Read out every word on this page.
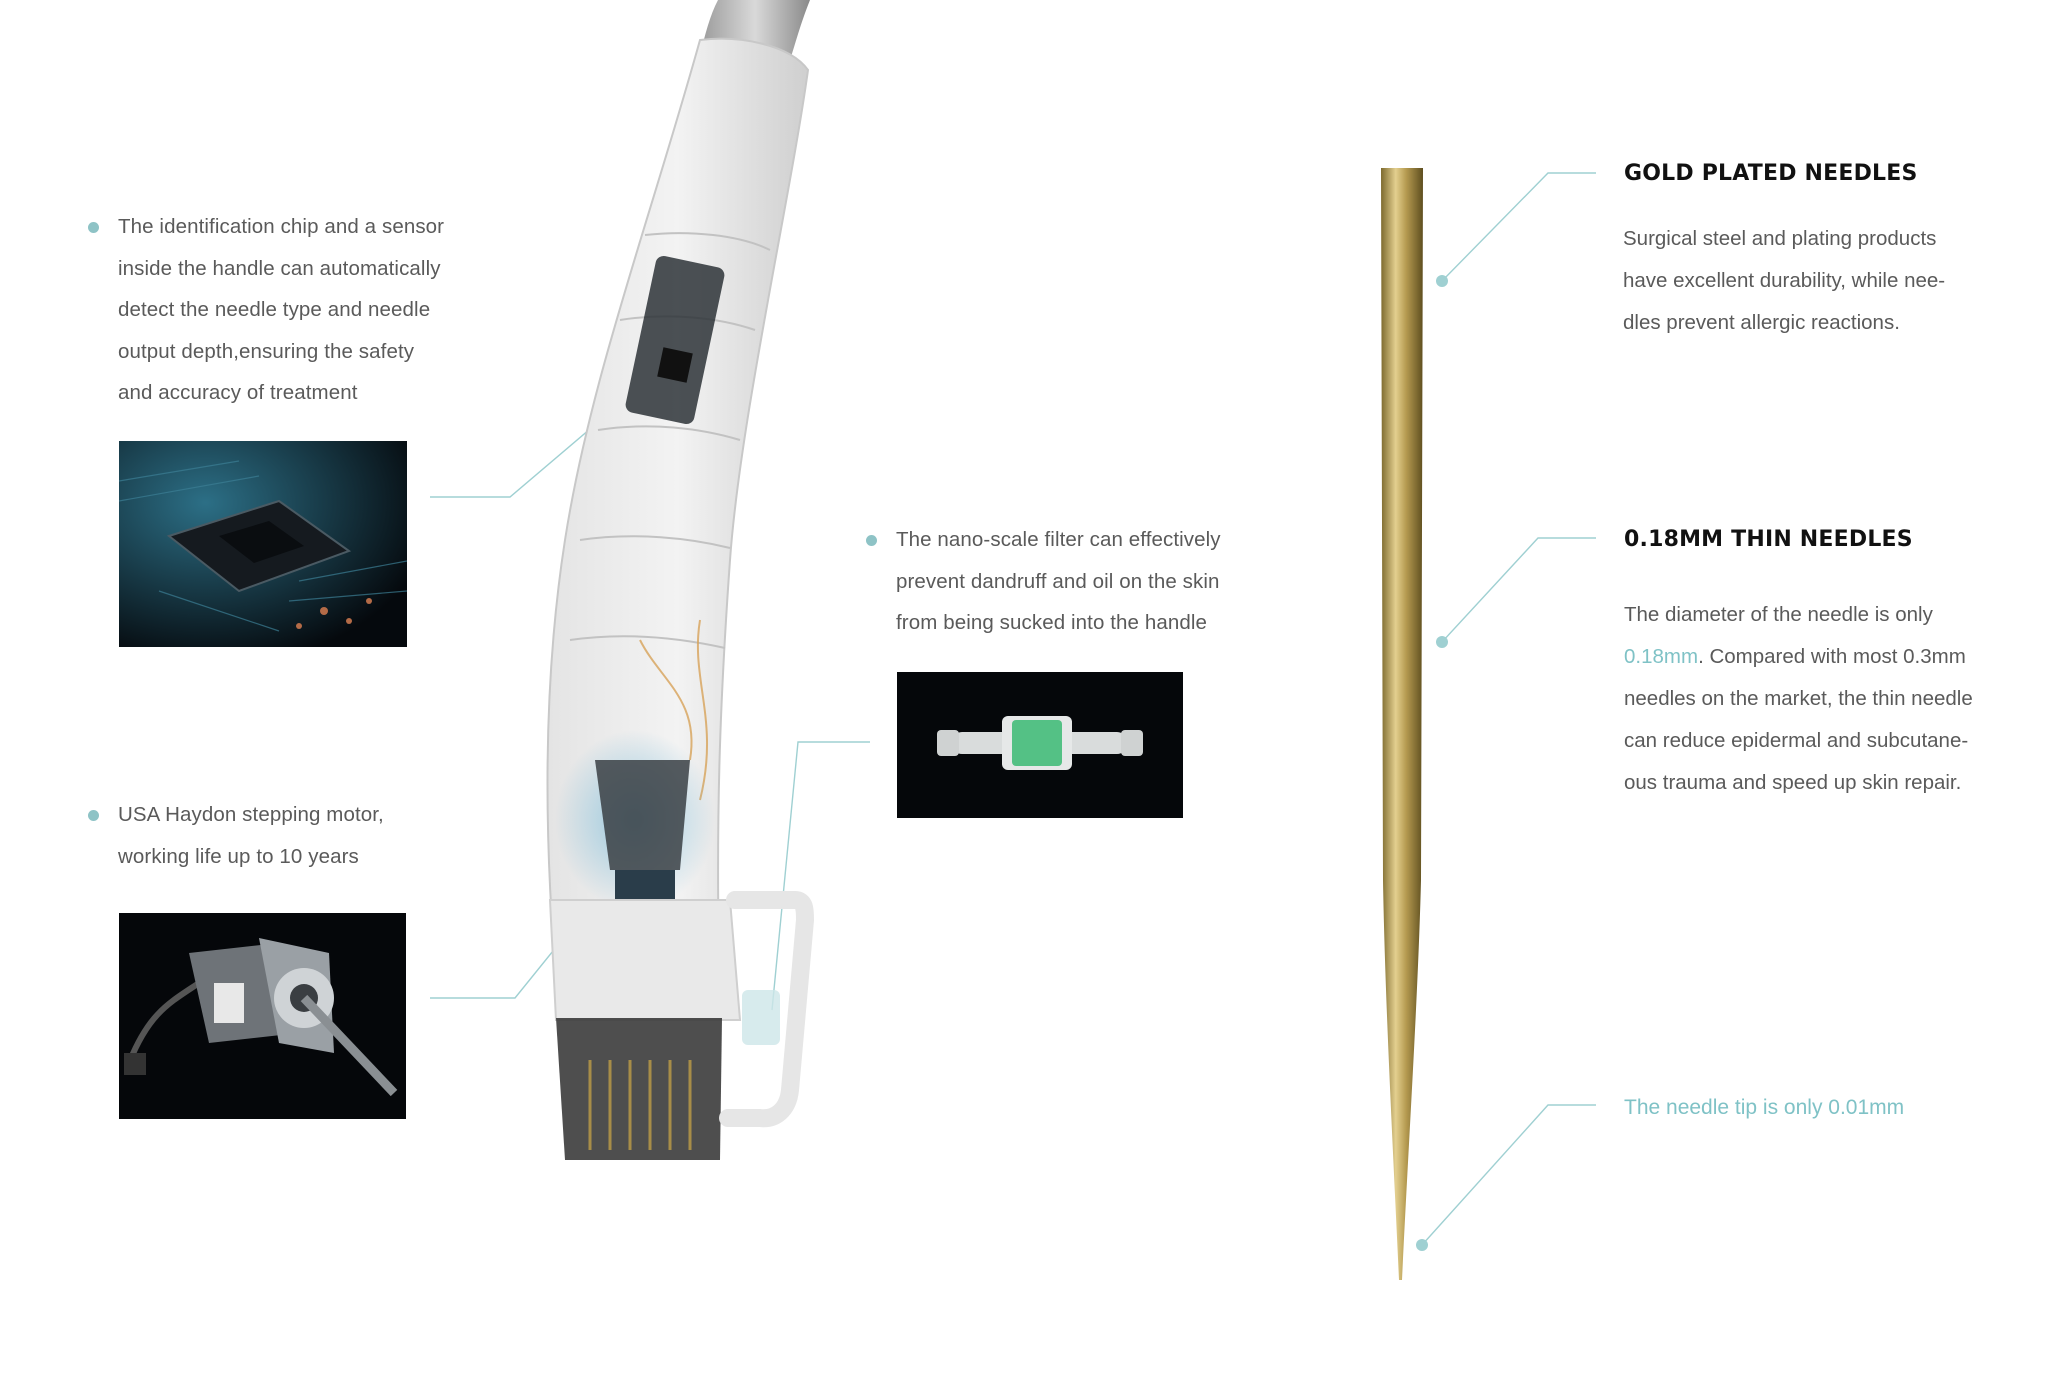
The identification chip and a sensor
inside the handle can automatically
detect the needle type and needle
output depth,ensuring the safety
and accuracy of treatment
USA Haydon stepping motor,
working life up to 10 years
The nano-scale filter can effectively
prevent dandruff and oil on the skin
from being sucked into the handle
GOLD PLATED NEEDLES
Surgical steel and plating products
have excellent durability, while nee-
dles prevent allergic reactions.
0.18MM THIN NEEDLES
The diameter of the needle is only
0.18mm. Compared with most 0.3mm
needles on the market, the thin needle
can reduce epidermal and subcutane-
ous trauma and speed up skin repair.
The needle tip is only 0.01mm
